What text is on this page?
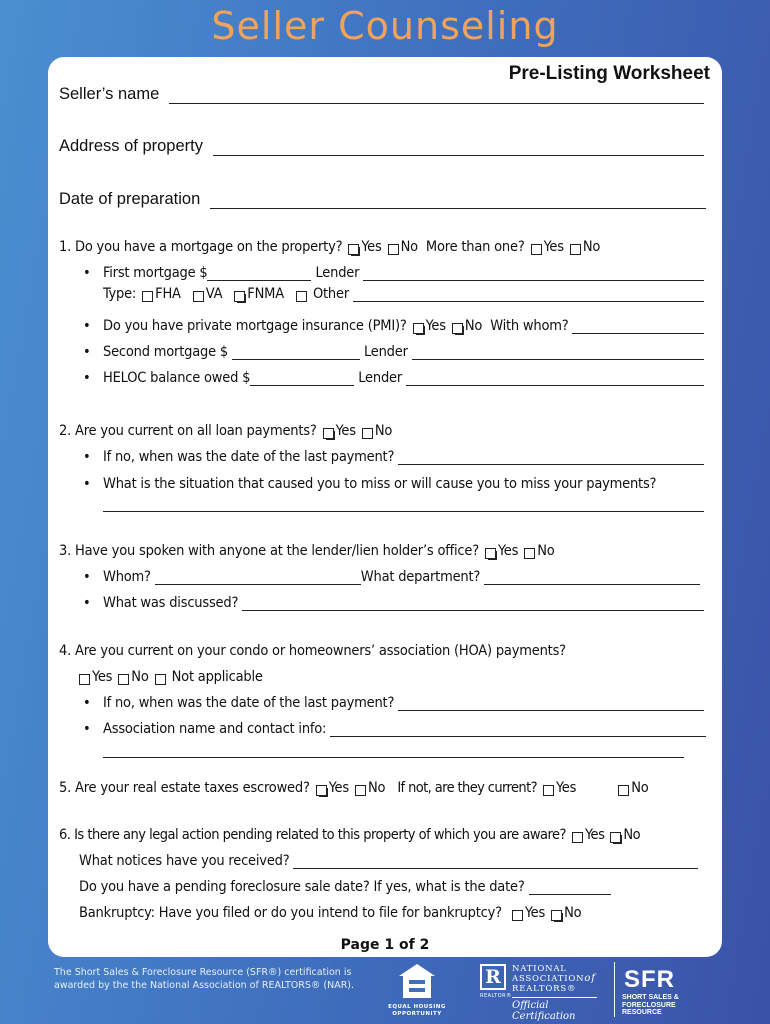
Seller Counseling
Pre-Listing Worksheet
Seller’s name
Address of property
Date of preparation
1. Do you have a mortgage on the property? Yes No More than one? Yes No
• First mortgage $	Lender
Type: FHA VA FNMA Other
• Do you have private mortgage insurance (PMI)? Yes No With whom?
• Second mortgage $	Lender
• HELOC balance owed $	Lender
2. Are you current on all loan payments? Yes No
• If no, when was the date of the last payment?
• What is the situation that caused you to miss or will cause you to miss your payments?
3. Have you spoken with anyone at the lender/lien holder’s office? Yes No
• Whom?	What department?
• What was discussed?
4. Are you current on your condo or homeowners’ association (HOA) payments?
Yes No Not applicable
• If no, when was the date of the last payment?
• Association name and contact info:
5. Are your real estate taxes escrowed? Yes No If not, are they current? Yes	No
6. Is there any legal action pending related to this property of which you are aware? Yes No
What notices have you received?
Do you have a pending foreclosure sale date? If yes, what is the date?
Bankruptcy: Have you filed or do you intend to file for bankruptcy? Yes No
Page 1 of 2
The Short Sales & Foreclosure Resource (SFR®) certification is
awarded by the the National Association of REALTORS® (NAR).
EQUAL HOUSING
OPPORTUNITY
R
REALTOR®
NATIONAL
ASSOCIATIONof
REALTORS®
Official Certification
SFR
SHORT SALES &
FORECLOSURE
RESOURCE
